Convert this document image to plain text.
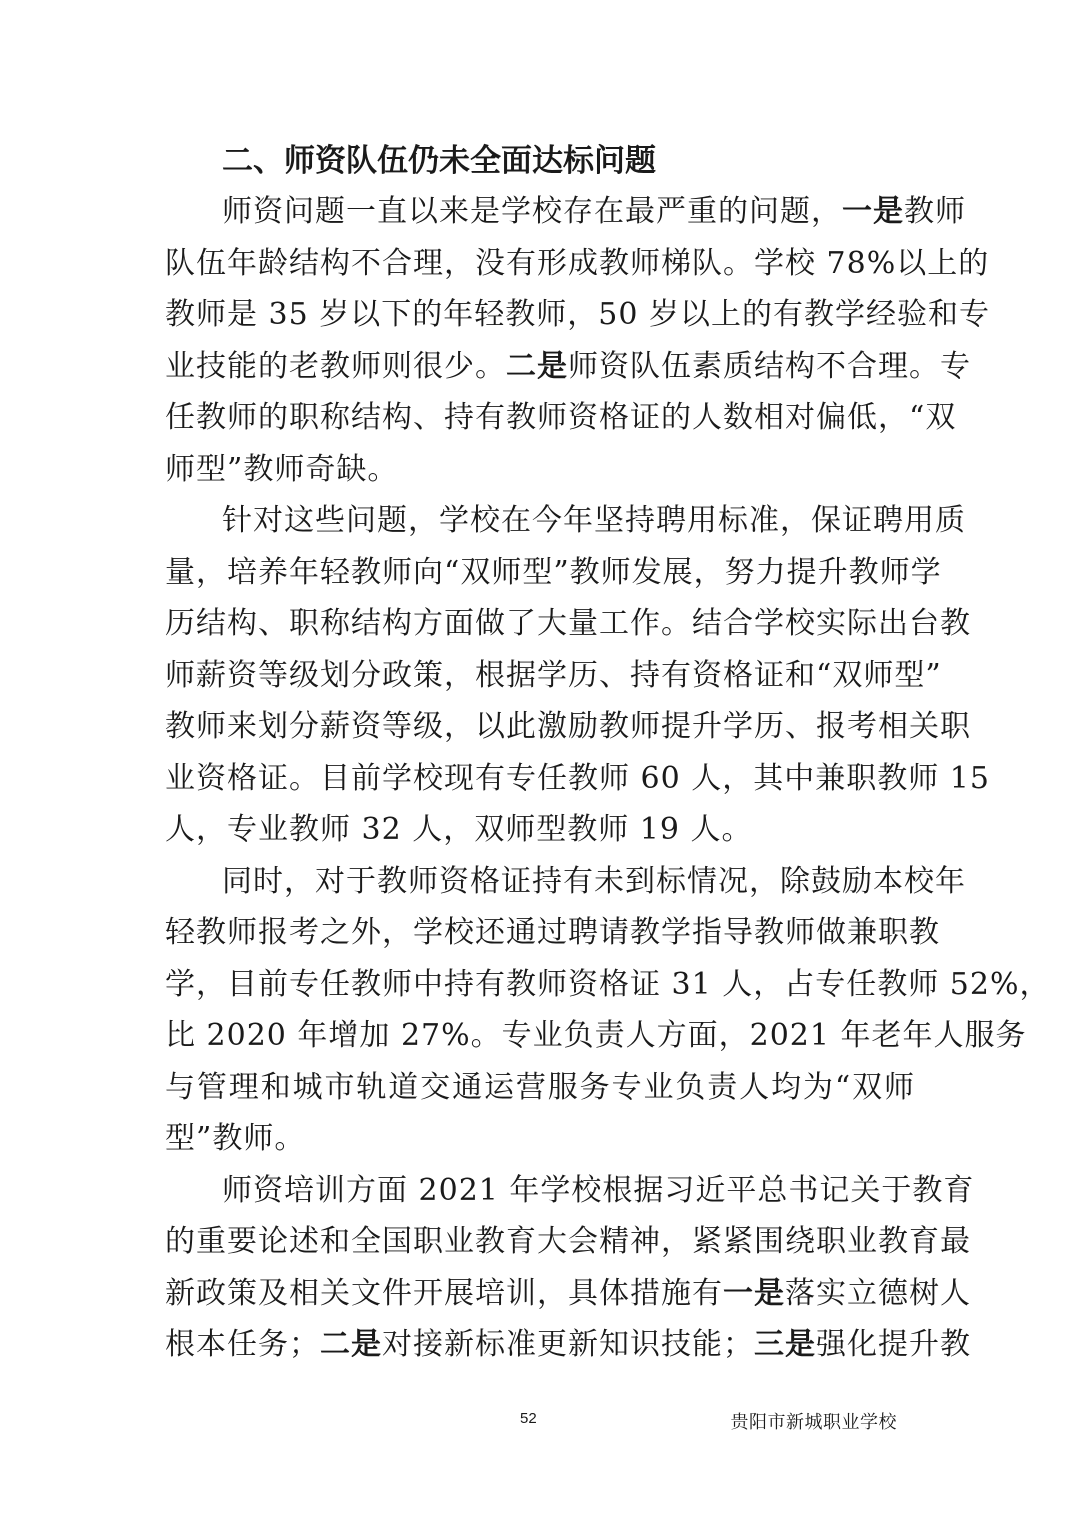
二、师资队伍仍未全面达标问题
师资问题一直以来是学校存在最严重的问题，一是教师
队伍年龄结构不合理，没有形成教师梯队。学校 78%以上的
教师是 35 岁以下的年轻教师，50 岁以上的有教学经验和专
业技能的老教师则很少。二是师资队伍素质结构不合理。专
任教师的职称结构、持有教师资格证的人数相对偏低，“双
师型”教师奇缺。
针对这些问题，学校在今年坚持聘用标准，保证聘用质
量，培养年轻教师向“双师型”教师发展，努力提升教师学
历结构、职称结构方面做了大量工作。结合学校实际出台教
师薪资等级划分政策，根据学历、持有资格证和“双师型”
教师来划分薪资等级，以此激励教师提升学历、报考相关职
业资格证。目前学校现有专任教师 60 人，其中兼职教师 15
人，专业教师 32 人，双师型教师 19 人。
同时，对于教师资格证持有未到标情况，除鼓励本校年
轻教师报考之外，学校还通过聘请教学指导教师做兼职教
学，目前专任教师中持有教师资格证 31 人，占专任教师 52%，
比 2020 年增加 27%。专业负责人方面，2021 年老年人服务
与管理和城市轨道交通运营服务专业负责人均为“双师
型”教师。
师资培训方面 2021 年学校根据习近平总书记关于教育
的重要论述和全国职业教育大会精神，紧紧围绕职业教育最
新政策及相关文件开展培训，具体措施有一是落实立德树人
根本任务；二是对接新标准更新知识技能；三是强化提升教
52	贵阳市新城职业学校
